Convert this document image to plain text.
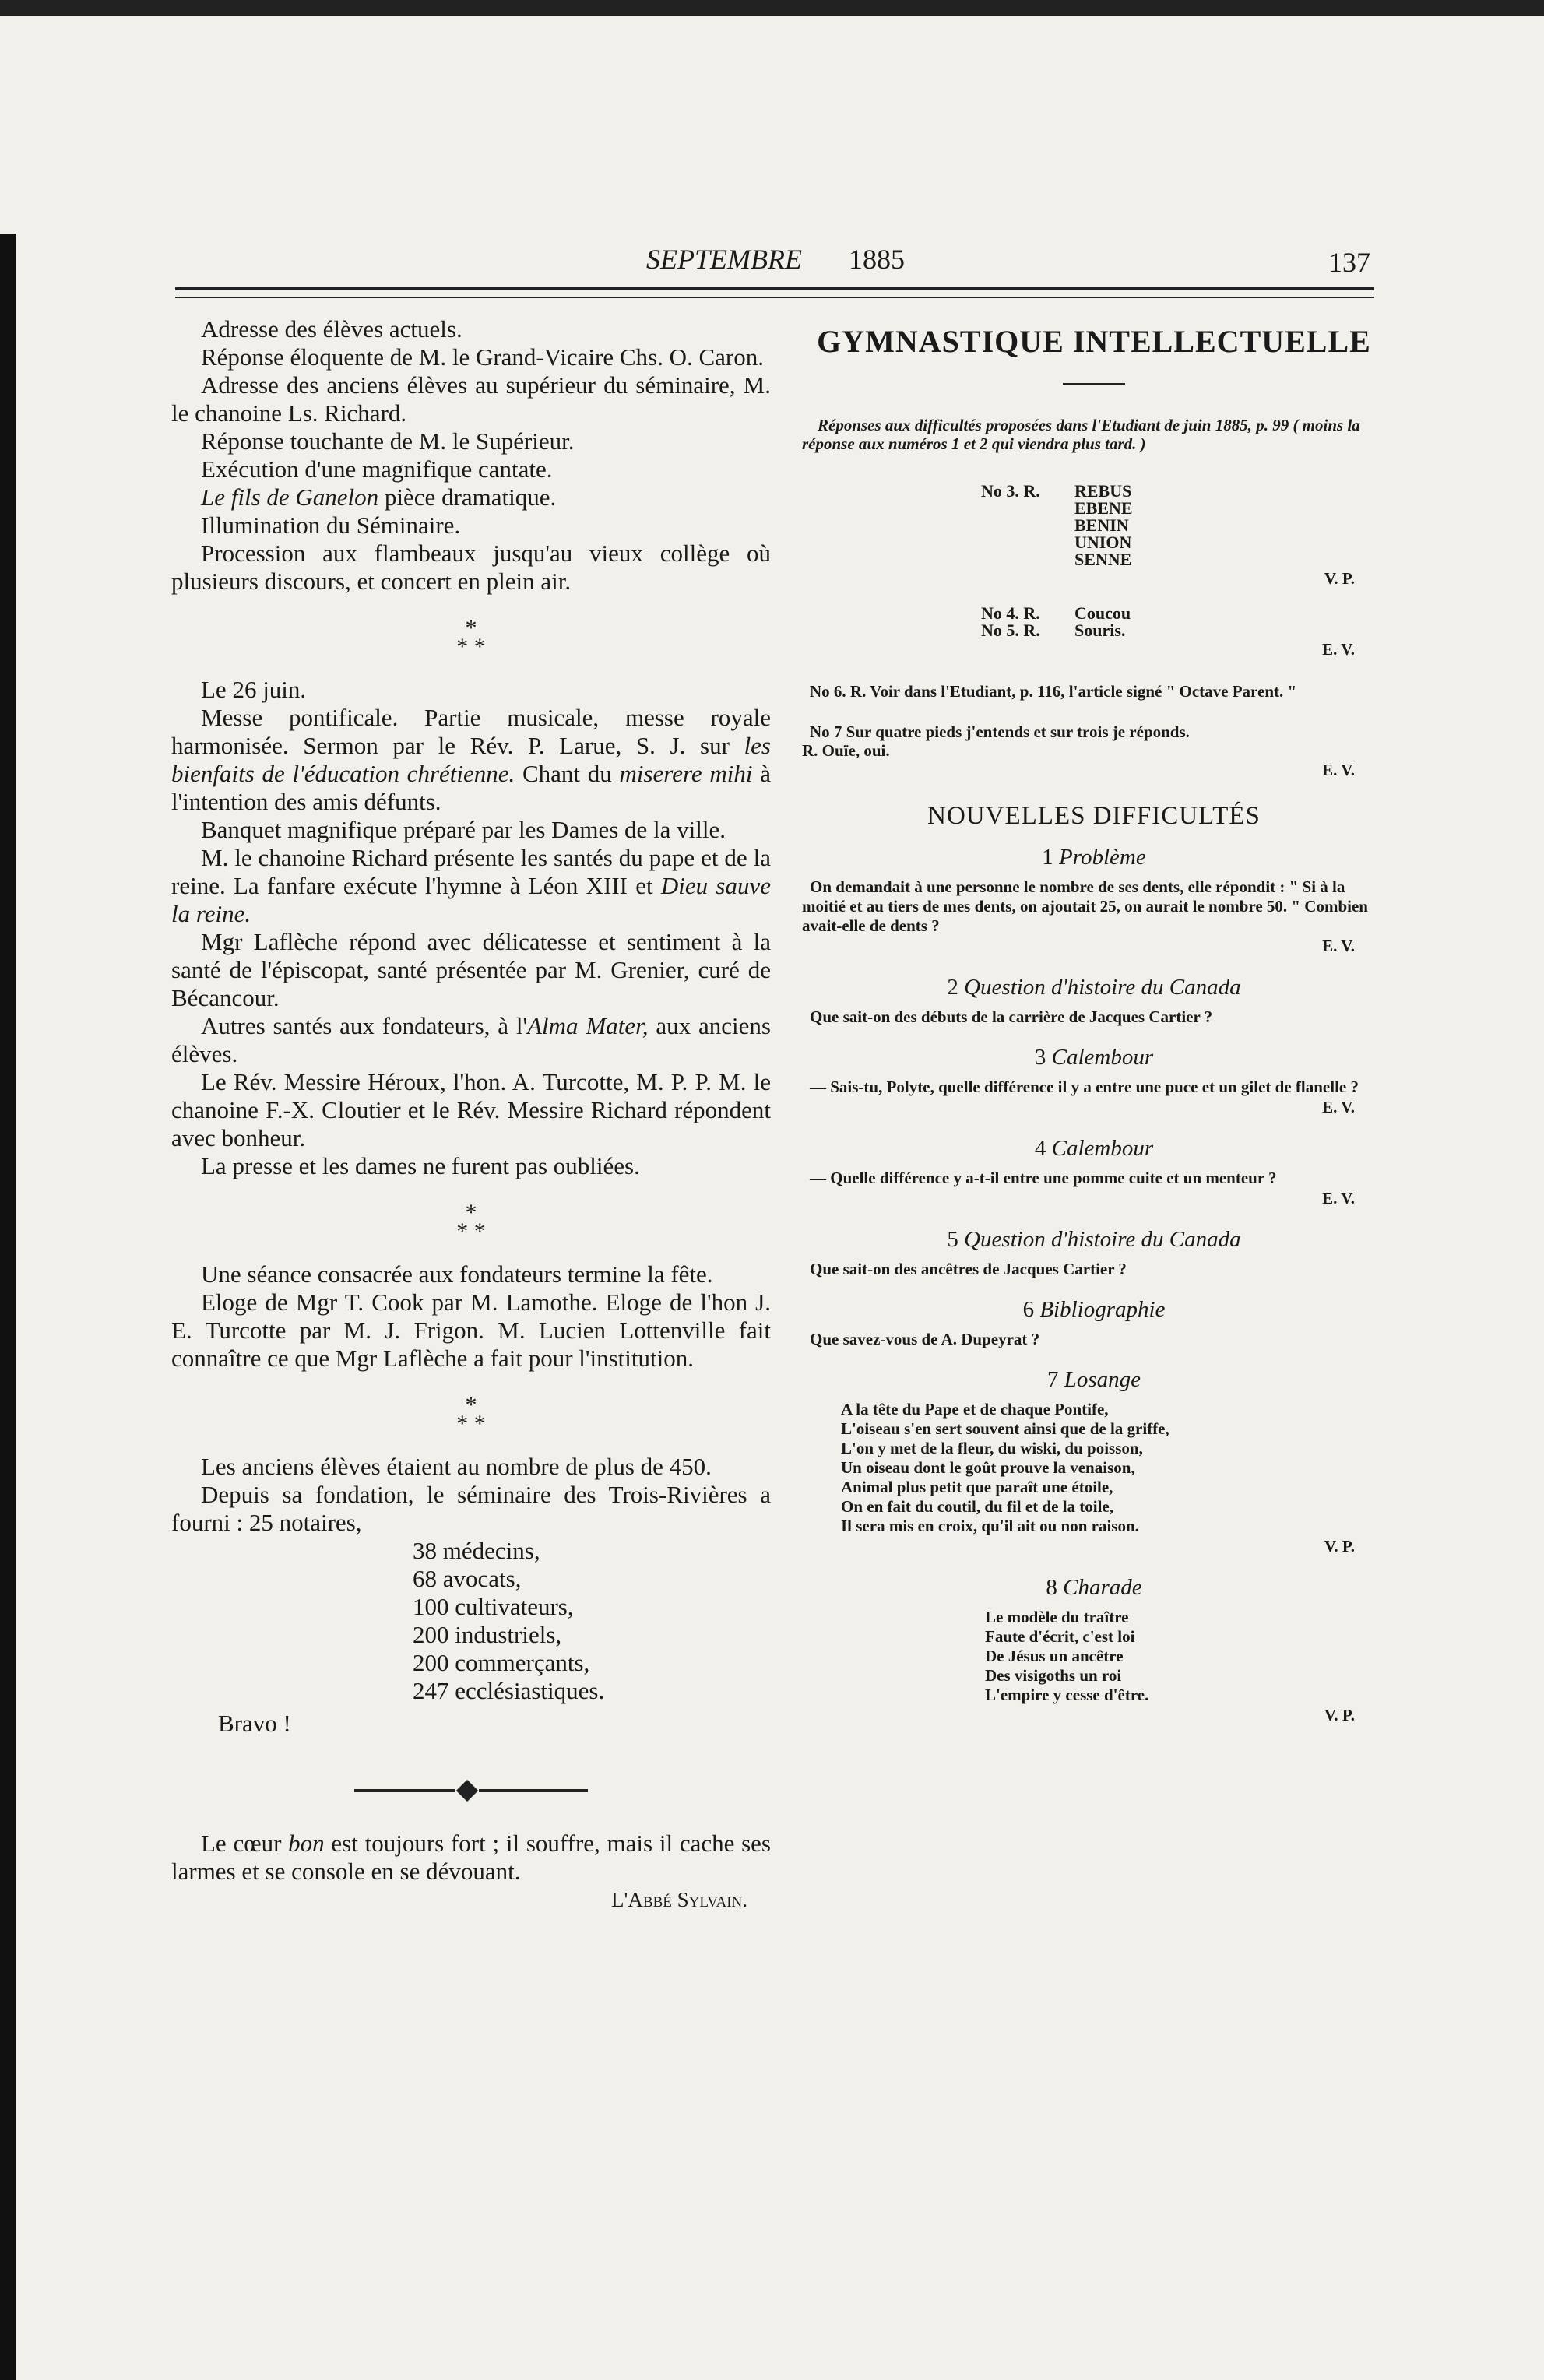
SEPTEMBRE 1885	137

Adresse des élèves actuels.

Réponse éloquente de M. le Grand-Vicaire Chs. O. Caron.

Adresse des anciens élèves au supérieur du séminaire, M. le chanoine Ls. Richard.

Réponse touchante de M. le Supérieur.

Exécution d'une magnifique cantate.

Le fils de Ganelon pièce dramatique.

Illumination du Séminaire.

Procession aux flambeaux jusqu'au vieux collège où plusieurs discours, et concert en plein air.

*
* *

Le 26 juin.

Messe pontificale. Partie musicale, messe royale harmonisée. Sermon par le Rév. P. Larue, S. J. sur les bienfaits de l'éducation chrétienne. Chant du miserere mihi à l'intention des amis défunts.

Banquet magnifique préparé par les Dames de la ville.

M. le chanoine Richard présente les santés du pape et de la reine. La fanfare exécute l'hymne à Léon XIII et Dieu sauve la reine.

Mgr Laflèche répond avec délicatesse et sentiment à la santé de l'épiscopat, santé présentée par M. Grenier, curé de Bécancour.

Autres santés aux fondateurs, à l'Alma Mater, aux anciens élèves.

Le Rév. Messire Héroux, l'hon. A. Turcotte, M. P. P. M. le chanoine F.-X. Cloutier et le Rév. Messire Richard répondent avec bonheur.

La presse et les dames ne furent pas oubliées.

*
* *

Une séance consacrée aux fondateurs termine la fête.

Eloge de Mgr T. Cook par M. Lamothe. Eloge de l'hon J. E. Turcotte par M. J. Frigon. M. Lucien Lottenville fait connaître ce que Mgr Laflèche a fait pour l'institution.

*
* *

Les anciens élèves étaient au nombre de plus de 450.

Depuis sa fondation, le séminaire des Trois-Rivières a fourni : 25 notaires,

38 médecins,
68 avocats,
100 cultivateurs,
200 industriels,
200 commerçants,
247 ecclésiastiques.
Bravo !

Le cœur bon est toujours fort ; il souffre, mais il cache ses larmes et se console en se dévouant.

L'Abbé Sylvain.
GYMNASTIQUE INTELLECTUELLE

Réponses aux difficultés proposées dans l'Etudiant de juin 1885, p. 99 ( moins la réponse aux numéros 1 et 2 qui viendra plus tard. )

No 3. R. REBUS
EBENE
BENIN
UNION
SENNE
V. P.
No 4. R. Coucou
No 5. R. Souris.
E. V.

No 6. R. Voir dans l'Etudiant, p. 116, l'article signé " Octave Parent. "

No 7 Sur quatre pieds j'entends et sur trois je réponds.

R. Ouïe, oui.

E. V.
NOUVELLES DIFFICULTÉS
1 Problème

On demandait à une personne le nombre de ses dents, elle répondit : " Si à la moitié et au tiers de mes dents, on ajoutait 25, on aurait le nombre 50. " Combien avait-elle de dents ?

E. V.
2 Question d'histoire du Canada

Que sait-on des débuts de la carrière de Jacques Cartier ?

3 Calembour

— Sais-tu, Polyte, quelle différence il y a entre une puce et un gilet de flanelle ?

E. V.
4 Calembour

— Quelle différence y a-t-il entre une pomme cuite et un menteur ?

E. V.
5 Question d'histoire du Canada

Que sait-on des ancêtres de Jacques Cartier ?

6 Bibliographie

Que savez-vous de A. Dupeyrat ?

7 Losange
A la tête du Pape et de chaque Pontife,
L'oiseau s'en sert souvent ainsi que de la griffe,
L'on y met de la fleur, du wiski, du poisson,
Un oiseau dont le goût prouve la venaison,
Animal plus petit que paraît une étoile,
On en fait du coutil, du fil et de la toile,
Il sera mis en croix, qu'il ait ou non raison.
V. P.
8 Charade
Le modèle du traître
Faute d'écrit, c'est loi
De Jésus un ancêtre
Des visigoths un roi
L'empire y cesse d'être.
V. P.
